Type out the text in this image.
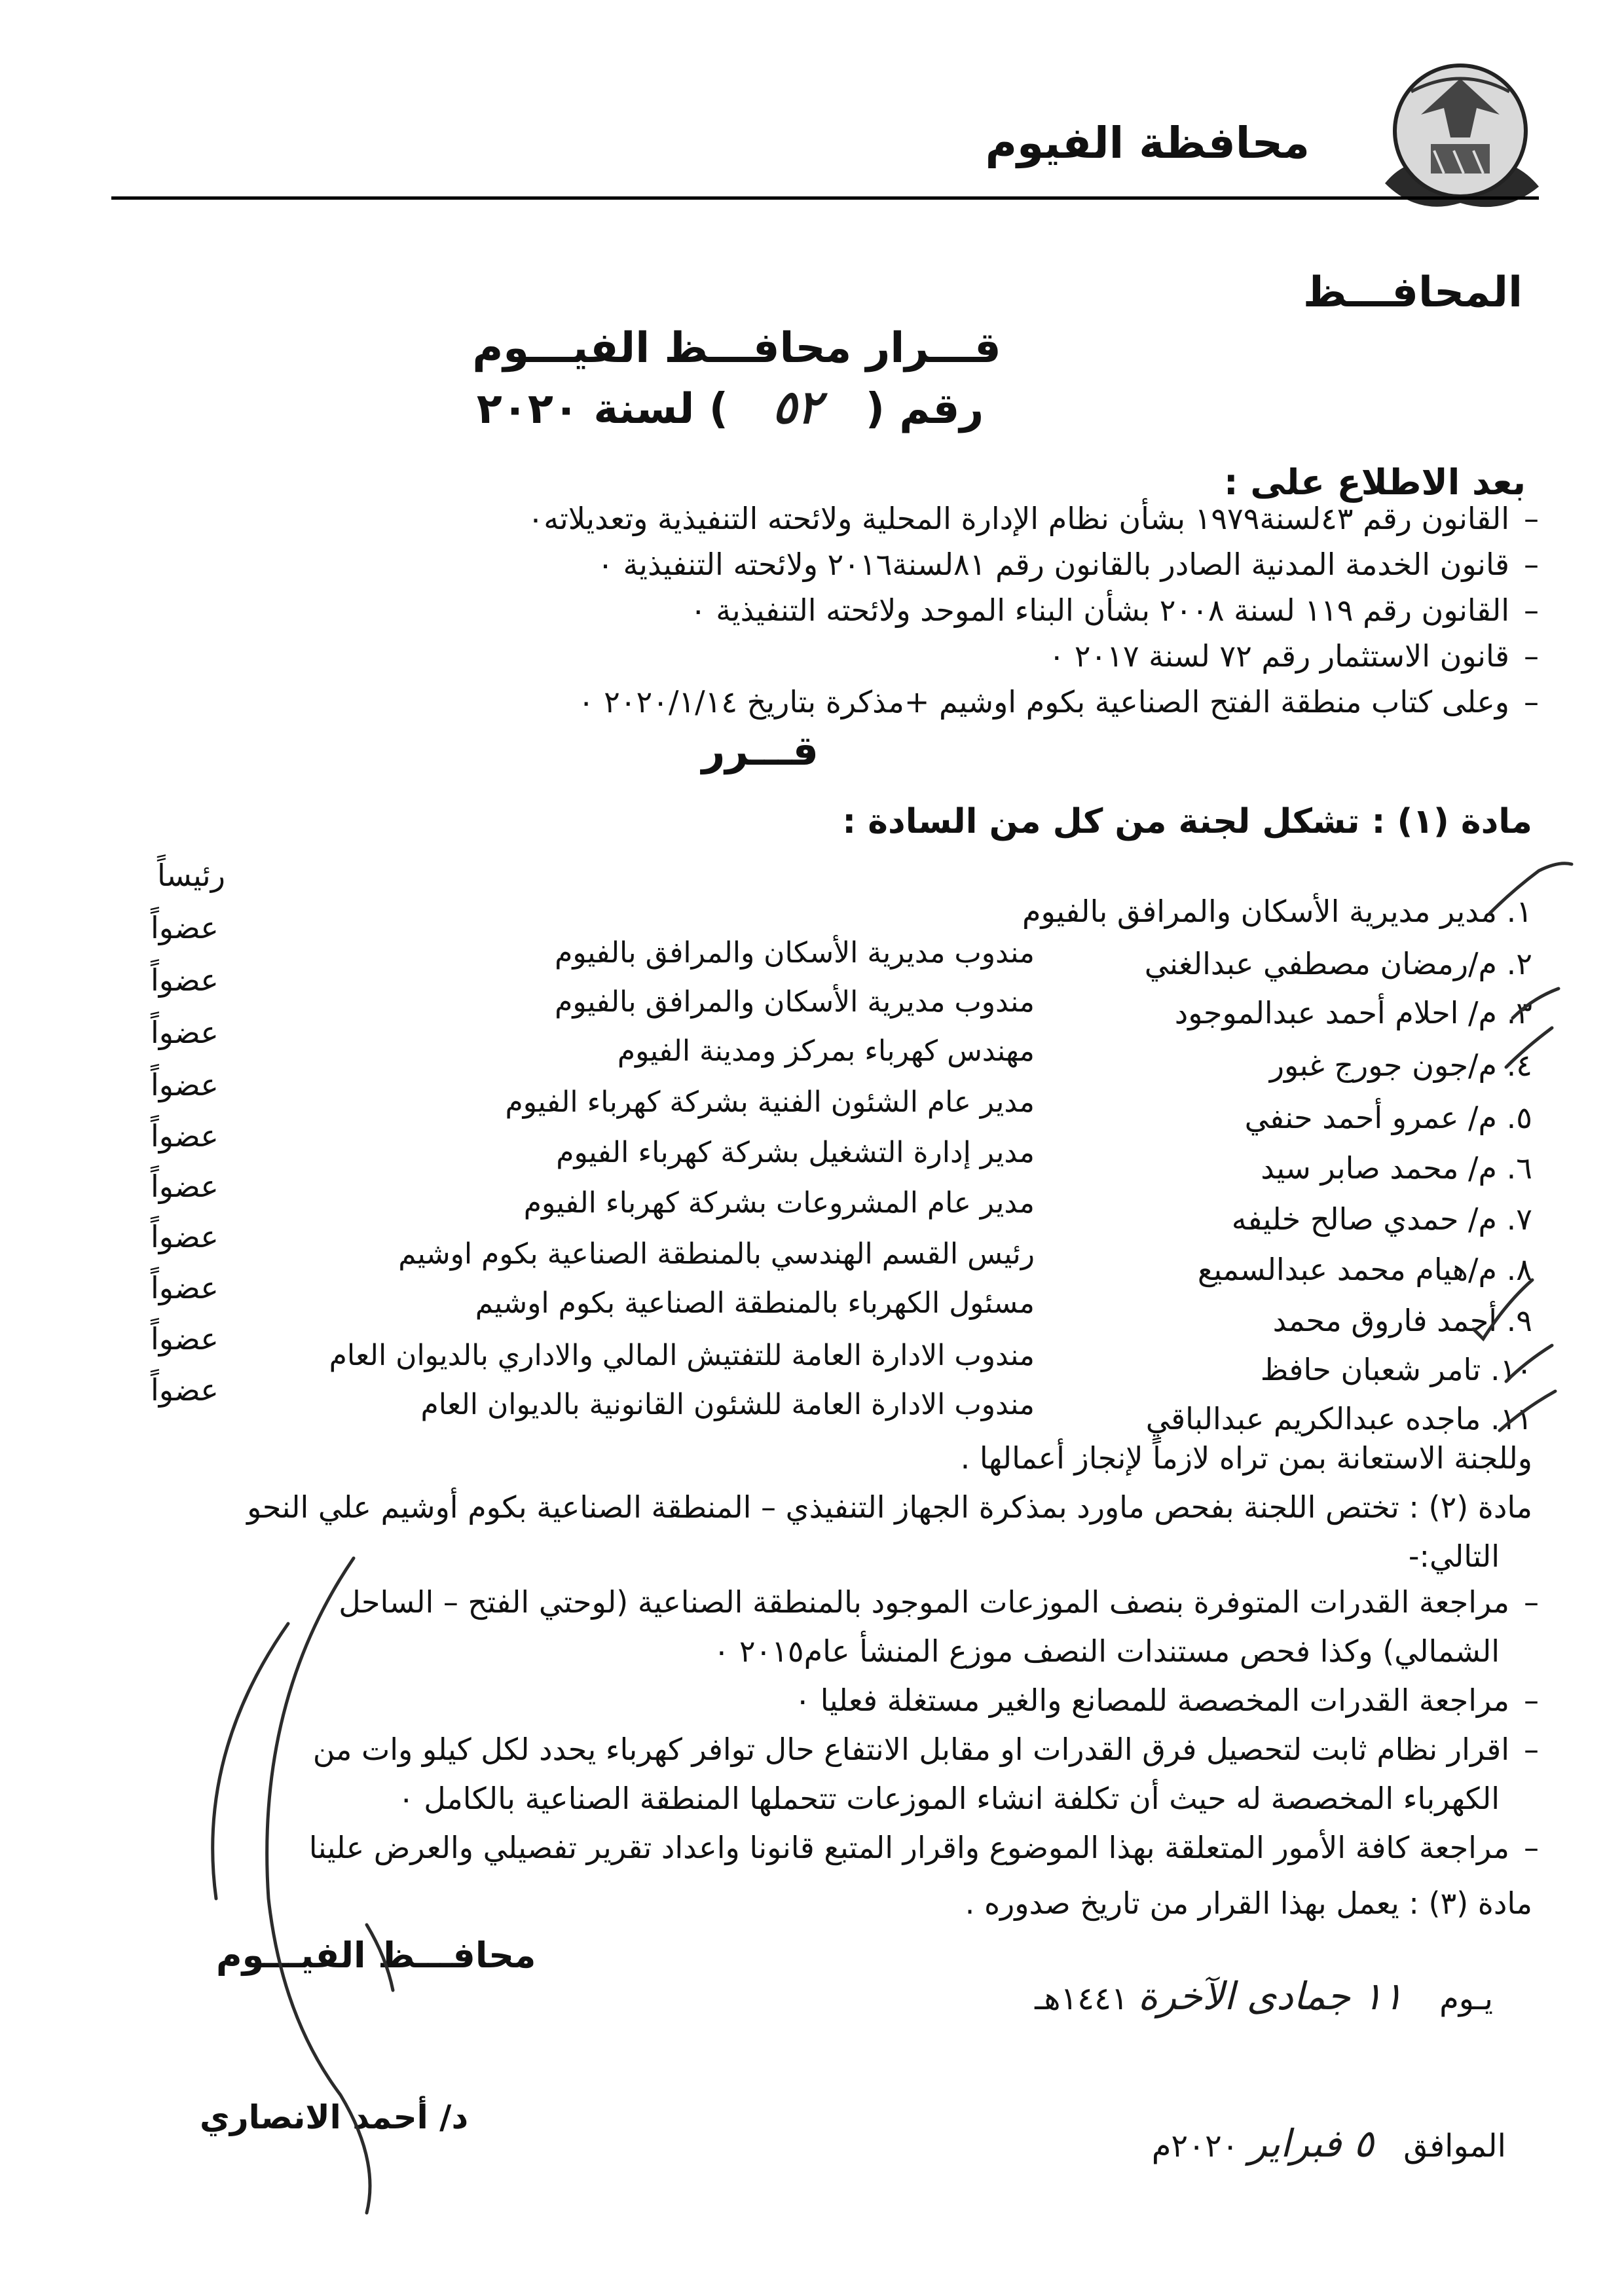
محافظة الفيوم
المحافـــظ
قـــرار محافـــظ الفيـــوم
رقم ( ٥٢ ) لسنة ٢٠٢٠
بعد الاطلاع على :
–القانون رقم ٤٣لسنة١٩٧٩ بشأن نظام الإدارة المحلية ولائحته التنفيذية وتعديلاته٠
–قانون الخدمة المدنية الصادر بالقانون رقم ٨١لسنة٢٠١٦ ولائحته التنفيذية ٠
–القانون رقم ١١٩ لسنة ٢٠٠٨ بشأن البناء الموحد ولائحته التنفيذية ٠
–قانون الاستثمار رقم ٧٢ لسنة ٢٠١٧ ٠
–وعلى كتاب منطقة الفتح الصناعية بكوم اوشيم +مذكرة بتاريخ ٢٠٢٠/١/١٤ ٠
قـــرر
مادة (١) : تشكل لجنة من كل من السادة :
رئيساً
١. مدير مديرية الأسكان والمرافق بالفيوم
٢. م/رمضان مصطفي عبدالغني
مندوب مديرية الأسكان والمرافق بالفيوم
عضواً
٣. م/ احلام أحمد عبدالموجود
مندوب مديرية الأسكان والمرافق بالفيوم
عضواً
٤. م/جون جورج غبور
مهندس كهرباء بمركز ومدينة الفيوم
عضواً
٥. م/ عمرو أحمد حنفي
مدير عام الشئون الفنية بشركة كهرباء الفيوم
عضواً
٦. م/ محمد صابر سيد
مدير إدارة التشغيل بشركة كهرباء الفيوم
عضواً
٧. م/ حمدي صالح خليفه
مدير عام المشروعات بشركة كهرباء الفيوم
عضواً
٨. م/هيام محمد عبدالسميع
رئيس القسم الهندسي بالمنطقة الصناعية بكوم اوشيم
عضواً
٩. أحمد فاروق محمد
مسئول الكهرباء بالمنطقة الصناعية بكوم اوشيم
عضواً
١٠. تامر شعبان حافظ
مندوب الادارة العامة للتفتيش المالي والاداري بالديوان العام
عضواً
١١. ماجده عبدالكريم عبدالباقي
مندوب الادارة العامة للشئون القانونية بالديوان العام
عضواً
وللجنة الاستعانة بمن تراه لازماً لإنجاز أعمالها .
مادة (٢) : تختص اللجنة بفحص ماورد بمذكرة الجهاز التنفيذي – المنطقة الصناعية بكوم أوشيم علي النحو
التالي:-
–مراجعة القدرات المتوفرة بنصف الموزعات الموجود بالمنطقة الصناعية (لوحتي الفتح – الساحل
الشمالي) وكذا فحص مستندات النصف موزع المنشأ عام٢٠١٥ ٠
–مراجعة القدرات المخصصة للمصانع والغير مستغلة فعليا ٠
–اقرار نظام ثابت لتحصيل فرق القدرات او مقابل الانتفاع حال توافر كهرباء يحدد لكل كيلو وات من
الكهرباء المخصصة له حيث أن تكلفة انشاء الموزعات تتحملها المنطقة الصناعية بالكامل ٠
–مراجعة كافة الأمور المتعلقة بهذا الموضوع واقرار المتبع قانونا واعداد تقرير تفصيلي والعرض علينا
مادة (٣) : يعمل بهذا القرار من تاريخ صدوره .
محافـــظ الفيـــوم
د/ أحمد الانصاري
يـوم ١١ جمادى الآخرة ١٤٤١هـ
الموافق ٥ فبراير ٢٠٢٠م
